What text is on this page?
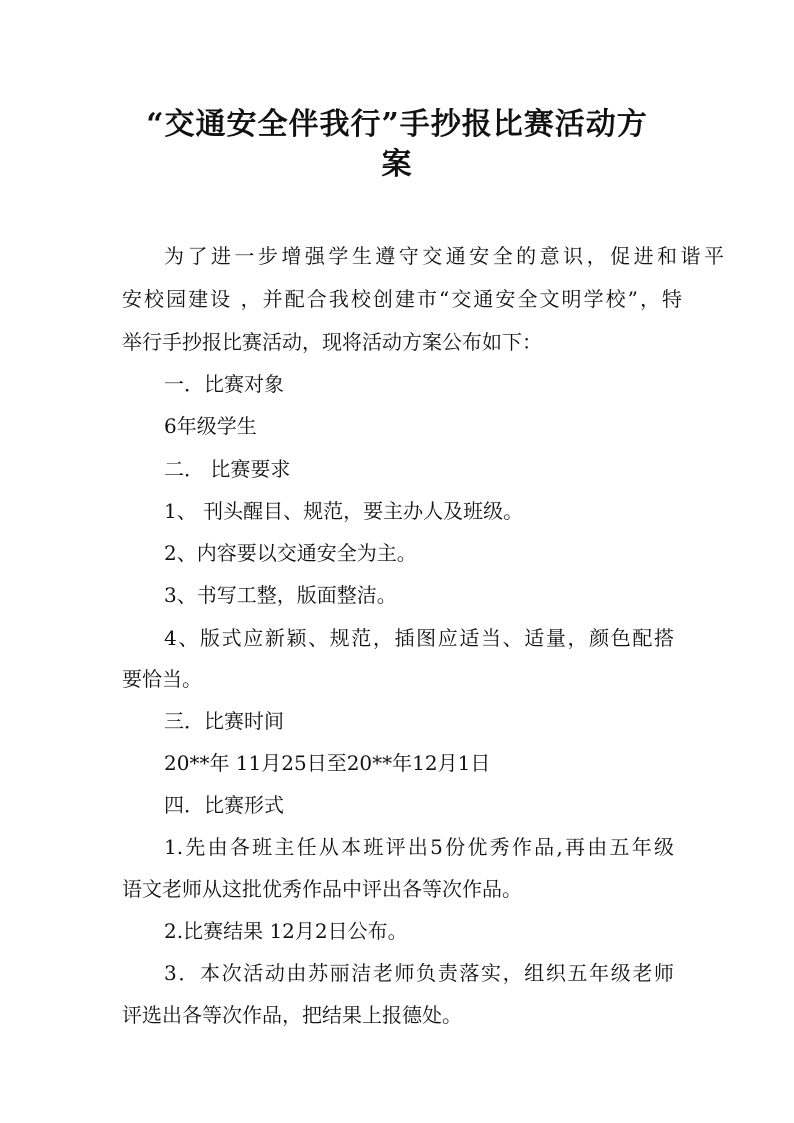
“交通安全伴我行”手抄报比赛活动方
案

为了进一步增强学生遵守交通安全的意识，促进和谐平

安校园建设 ，并配合我校创建市“交通安全文明学校”，特

举行手抄报比赛活动，现将活动方案公布如下：

一．比赛对象

6年级学生

二． 比赛要求

1、 刊头醒目、规范，要主办人及班级。

2、内容要以交通安全为主。

3、书写工整，版面整洁。

4、版式应新颖、规范，插图应适当、适量，颜色配搭

要恰当。

三．比赛时间

20**年 11月25日至20**年12月1日

四．比赛形式

1.先由各班主任从本班评出5份优秀作品,再由五年级

语文老师从这批优秀作品中评出各等次作品。

2.比赛结果 12月2日公布。

3．本次活动由苏丽洁老师负责落实，组织五年级老师

评选出各等次作品，把结果上报德处。
